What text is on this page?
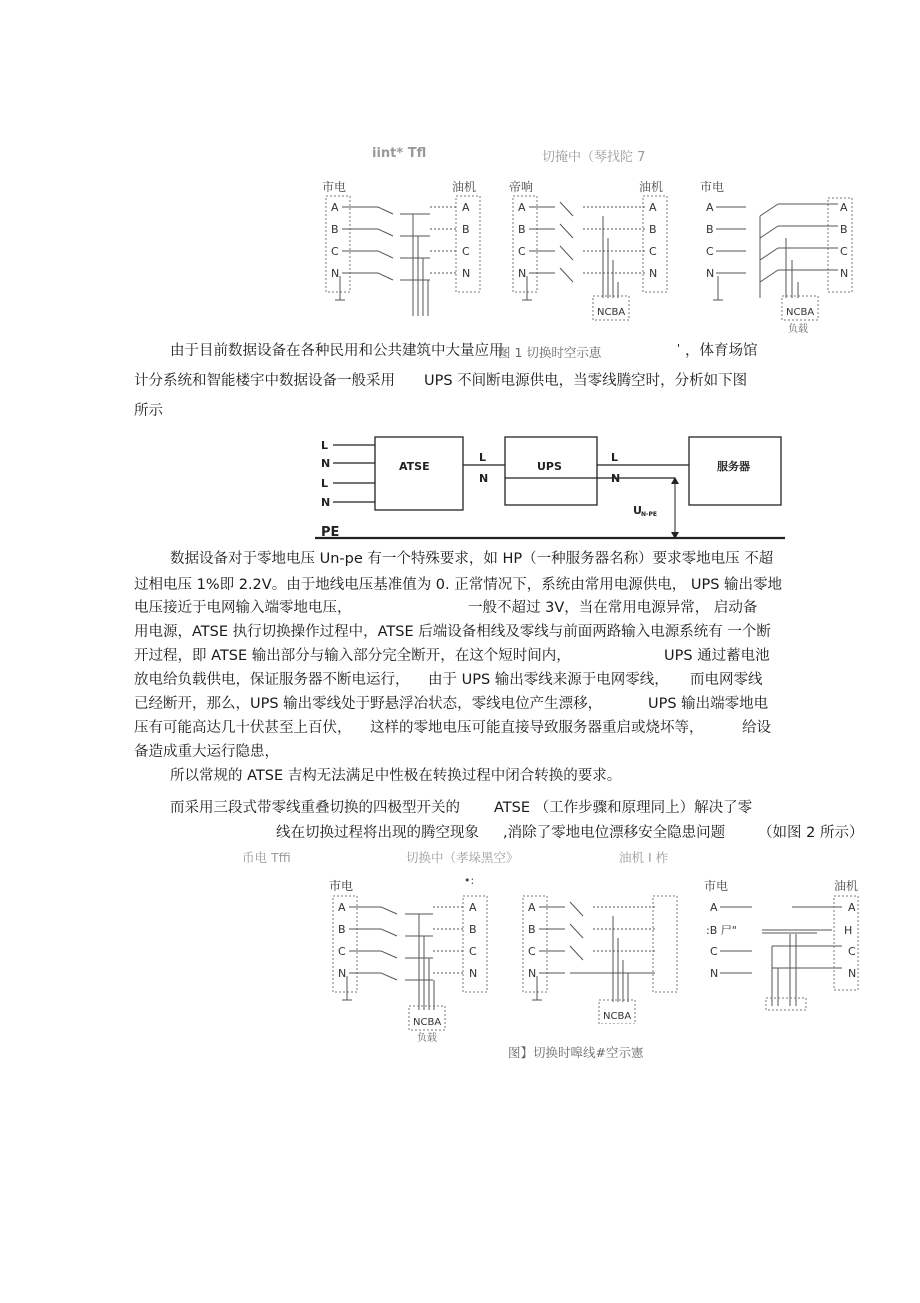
iint* Tfl	切掩中（琴找陀 7
市电	油机
A
B
C
N
A
B
C
N
帝响	油机
A
B
C
N
A
B
C
N
NCBA
市电
A
B
C
N
A
B
C
N
NCBA
负载
由于目前数据设备在各种民用和公共建筑中大量应用
图 1 切换时空示恵	' ，体育场馆
计分系统和智能楼宇中数据设备一般采用 UPS 不间断电源供电，当零线腾空时，分析如下图
所示
L
N
L
N
ATSE
L
N
UPS
L
N
服务器
U N-PE
PE
数据设备对于零地电压 Un-pe 有一个特殊要求，如 HP（一种服务器名称）要求零地电压 不超
过相电压 1%即 2.2V。由于地线电压基准值为 0. 正常情况下，系统由常用电源供电， UPS 输出零地
电压接近于电网输入端零地电压，	一般不超过 3V，当在常用电源异常， 启动备
用电源，ATSE 执行切换操作过程中，ATSE 后端设备相线及零线与前面两路输入电源系统有 一个断
开过程，即 ATSE 输出部分与输入部分完全断开，在这个短时间内，	UPS 通过蓄电池
放电给负载供电，保证服务器不断电运行， 由于 UPS 输出零线来源于电网零线， 而电网零线
已经断开，那么，UPS 输出零线处于野悬浮冶状态，零线电位产生漂移，	UPS 输出端零地电
压有可能高达几十伏甚至上百伏， 这样的零地电压可能直接导致服务器重启或烧坏等，	给设
备造成重大运行隐患，
所以常规的 ATSE 吉构无法满足中性极在转换过程中闭合转换的要求。
而采用三段式带零线重叠切换的四极型开关的 ATSE （工作步骤和原理同上）解决了零
线在切换过程将出现的腾空现象 ,消除了零地电位漂移安全隐患问题 （如图 2 所示）
币电 Tffi	切换中（孝垛黑空》	油机 I 柞
•:
市电
A
B
C
N
A
B
C
N
NCBA
负载
A
B
C
N
NCBA
市电	油机
:B 尸"	H
A
C
N
A
C
N
图】切换时嗥线#空示憲
